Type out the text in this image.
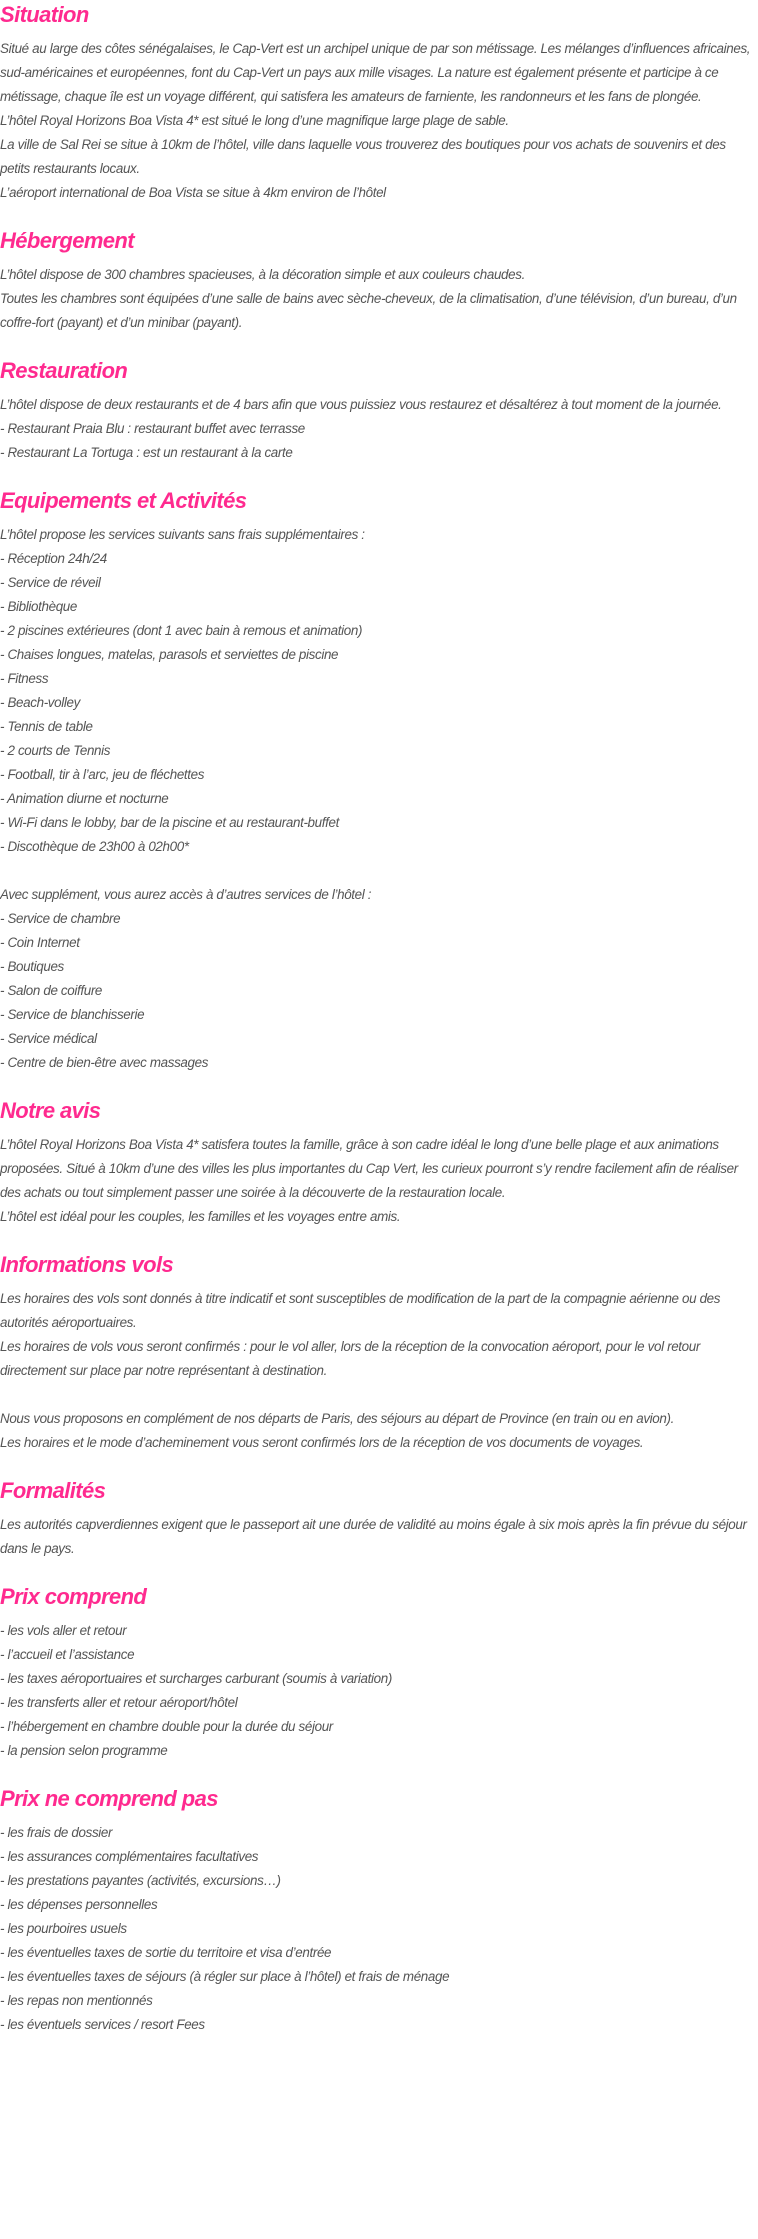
Situation

Situé au large des côtes sénégalaises, le Cap-Vert est un archipel unique de par son métissage. Les mélanges d’influences africaines, sud-américaines et européennes, font du Cap-Vert un pays aux mille visages. La nature est également présente et participe à ce métissage, chaque île est un voyage différent, qui satisfera les amateurs de farniente, les randonneurs et les fans de plongée.

L’hôtel Royal Horizons Boa Vista 4* est situé le long d’une magnifique large plage de sable.

La ville de Sal Rei se situe à 10km de l’hôtel, ville dans laquelle vous trouverez des boutiques pour vos achats de souvenirs et des petits restaurants locaux.

L’aéroport international de Boa Vista se situe à 4km environ de l’hôtel

Hébergement

L’hôtel dispose de 300 chambres spacieuses, à la décoration simple et aux couleurs chaudes.

Toutes les chambres sont équipées d’une salle de bains avec sèche-cheveux, de la climatisation, d’une télévision, d’un bureau, d’un coffre-fort (payant) et d’un minibar (payant).

Restauration

L’hôtel dispose de deux restaurants et de 4 bars afin que vous puissiez vous restaurez et désaltérez à tout moment de la journée.

- Restaurant Praia Blu : restaurant buffet avec terrasse

- Restaurant La Tortuga : est un restaurant à la carte

Equipements et Activités

L’hôtel propose les services suivants sans frais supplémentaires :

- Réception 24h/24

- Service de réveil

- Bibliothèque

- 2 piscines extérieures (dont 1 avec bain à remous et animation)

- Chaises longues, matelas, parasols et serviettes de piscine

- Fitness

- Beach-volley

- Tennis de table

- 2 courts de Tennis

- Football, tir à l’arc, jeu de fléchettes

- Animation diurne et nocturne

- Wi-Fi dans le lobby, bar de la piscine et au restaurant-buffet

- Discothèque de 23h00 à 02h00*

Avec supplément, vous aurez accès à d’autres services de l’hôtel :

- Service de chambre

- Coin Internet

- Boutiques

- Salon de coiffure

- Service de blanchisserie

- Service médical

- Centre de bien-être avec massages

Notre avis

L’hôtel Royal Horizons Boa Vista 4* satisfera toutes la famille, grâce à son cadre idéal le long d’une belle plage et aux animations proposées. Situé à 10km d’une des villes les plus importantes du Cap Vert, les curieux pourront s’y rendre facilement afin de réaliser des achats ou tout simplement passer une soirée à la découverte de la restauration locale.

L’hôtel est idéal pour les couples, les familles et les voyages entre amis.

Informations vols

Les horaires des vols sont donnés à titre indicatif et sont susceptibles de modification de la part de la compagnie aérienne ou des autorités aéroportuaires.

Les horaires de vols vous seront confirmés : pour le vol aller, lors de la réception de la convocation aéroport, pour le vol retour directement sur place par notre représentant à destination.

Nous vous proposons en complément de nos départs de Paris, des séjours au départ de Province (en train ou en avion).

Les horaires et le mode d’acheminement vous seront confirmés lors de la réception de vos documents de voyages.

Formalités

Les autorités capverdiennes exigent que le passeport ait une durée de validité au moins égale à six mois après la fin prévue du séjour dans le pays.

Prix comprend

- les vols aller et retour

- l’accueil et l’assistance

- les taxes aéroportuaires et surcharges carburant (soumis à variation)

- les transferts aller et retour aéroport/hôtel

- l’hébergement en chambre double pour la durée du séjour

- la pension selon programme

Prix ne comprend pas

- les frais de dossier

- les assurances complémentaires facultatives

- les prestations payantes (activités, excursions…)

- les dépenses personnelles

- les pourboires usuels

- les éventuelles taxes de sortie du territoire et visa d’entrée

- les éventuelles taxes de séjours (à régler sur place à l’hôtel) et frais de ménage

- les repas non mentionnés

- les éventuels services / resort Fees
